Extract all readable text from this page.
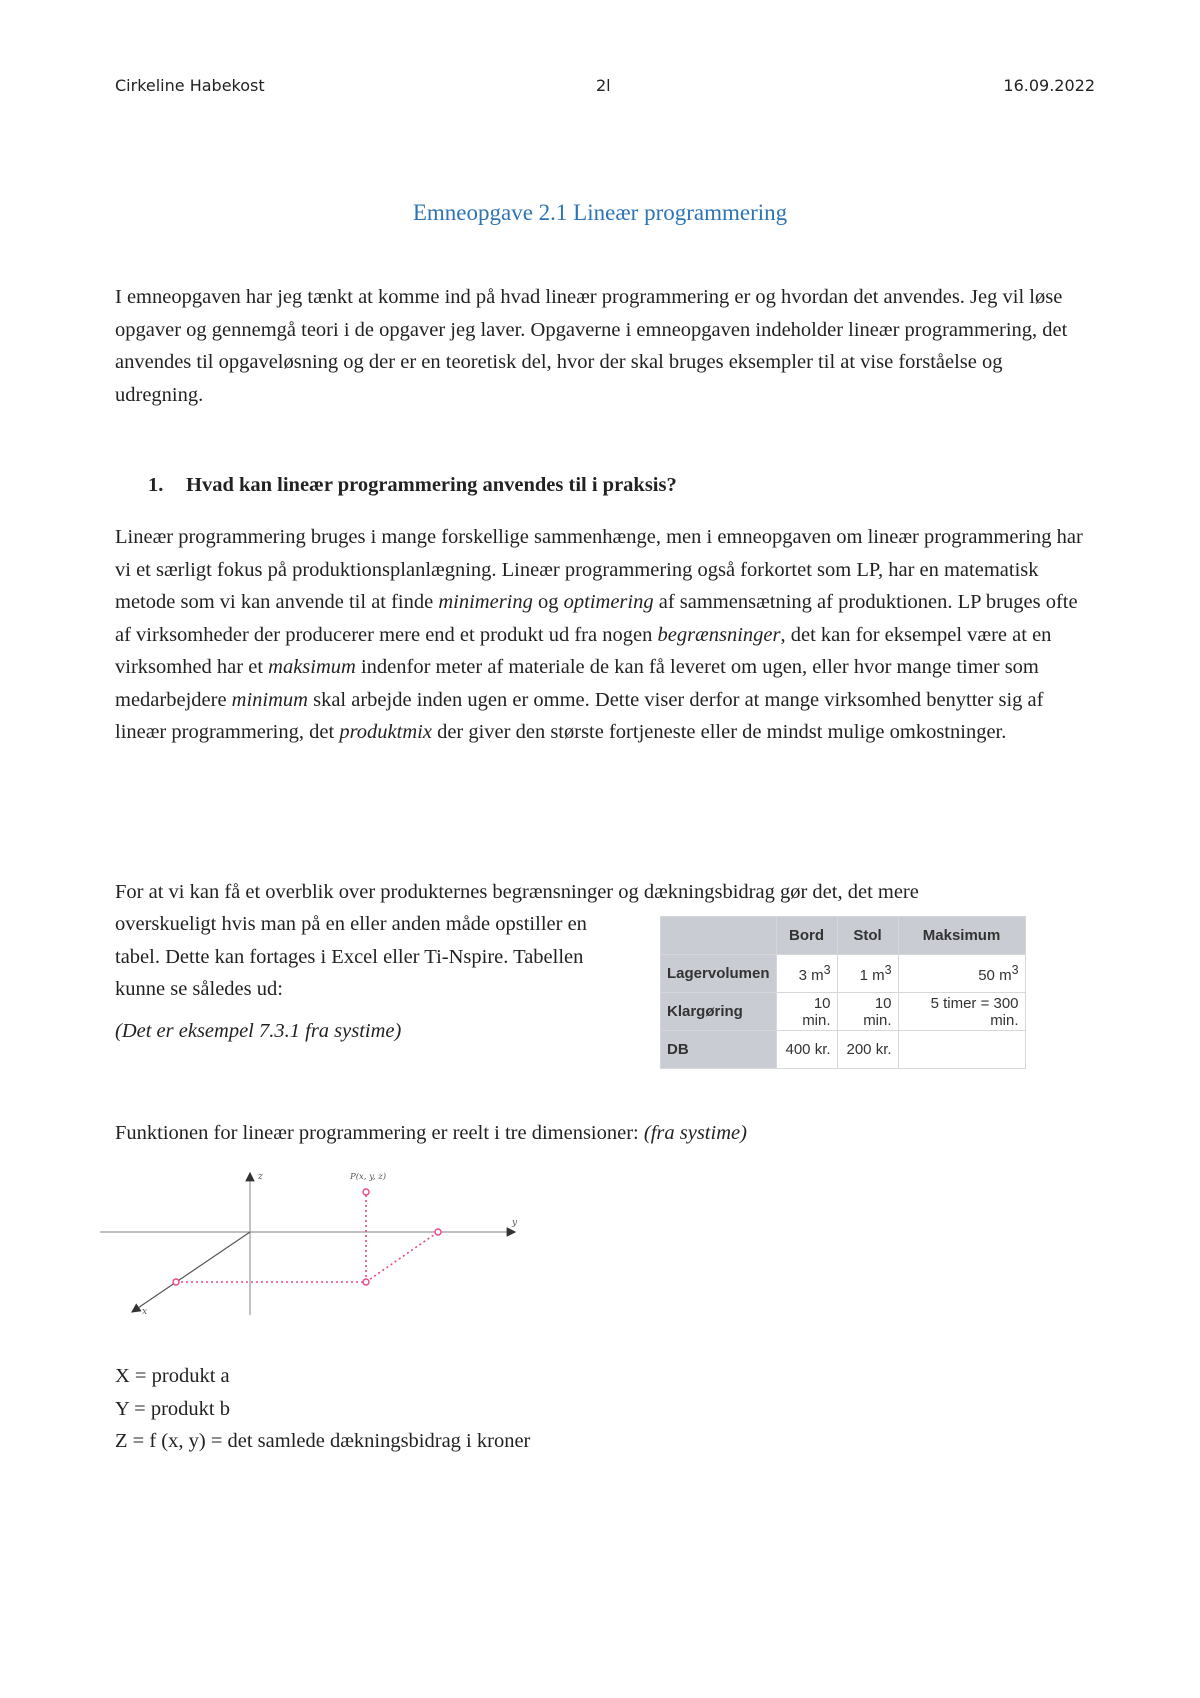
Cirkeline Habekost	2l	16.09.2022
Emneopgave 2.1 Lineær programmering

I emneopgaven har jeg tænkt at komme ind på hvad lineær programmering er og hvordan det anvendes. Jeg vil løse opgaver og gennemgå teori i de opgaver jeg laver. Opgaverne i emneopgaven indeholder lineær programmering, det anvendes til opgaveløsning og der er en teoretisk del, hvor der skal bruges eksempler til at vise forståelse og udregning.

1. Hvad kan lineær programmering anvendes til i praksis?

Lineær programmering bruges i mange forskellige sammenhænge, men i emneopgaven om lineær programmering har vi et særligt fokus på produktionsplanlægning. Lineær programmering også forkortet som LP, har en matematisk metode som vi kan anvende til at finde minimering og optimering af sammensætning af produktionen. LP bruges ofte af virksomheder der producerer mere end et produkt ud fra nogen begrænsninger, det kan for eksempel være at en virksomhed har et maksimum indenfor meter af materiale de kan få leveret om ugen, eller hvor mange timer som medarbejdere minimum skal arbejde inden ugen er omme. Dette viser derfor at mange virksomhed benytter sig af lineær programmering, det produktmix der giver den største fortjeneste eller de mindst mulige omkostninger.

For at vi kan få et overblik over produkternes begrænsninger og dækningsbidrag gør det, det mere

overskueligt hvis man på en eller anden måde opstiller en tabel. Dette kan fortages i Excel eller Ti-Nspire. Tabellen kunne se således ud:

(Det er eksempel 7.3.1 fra systime)
	Bord	Stol	Maksimum
Lagervolumen	3 $m^3$	1 $m^3$	50 $m^3$
Klargøring	10 min.	10 min.	5 timer = 300 min.
DB	400 kr.	200 kr.	

Funktionen for lineær programmering er reelt i tre dimensioner: (fra systime)

z
y
x
P(x, y, z)

X = produkt a
Y = produkt b
Z = f (x, y) = det samlede dækningsbidrag i kroner
